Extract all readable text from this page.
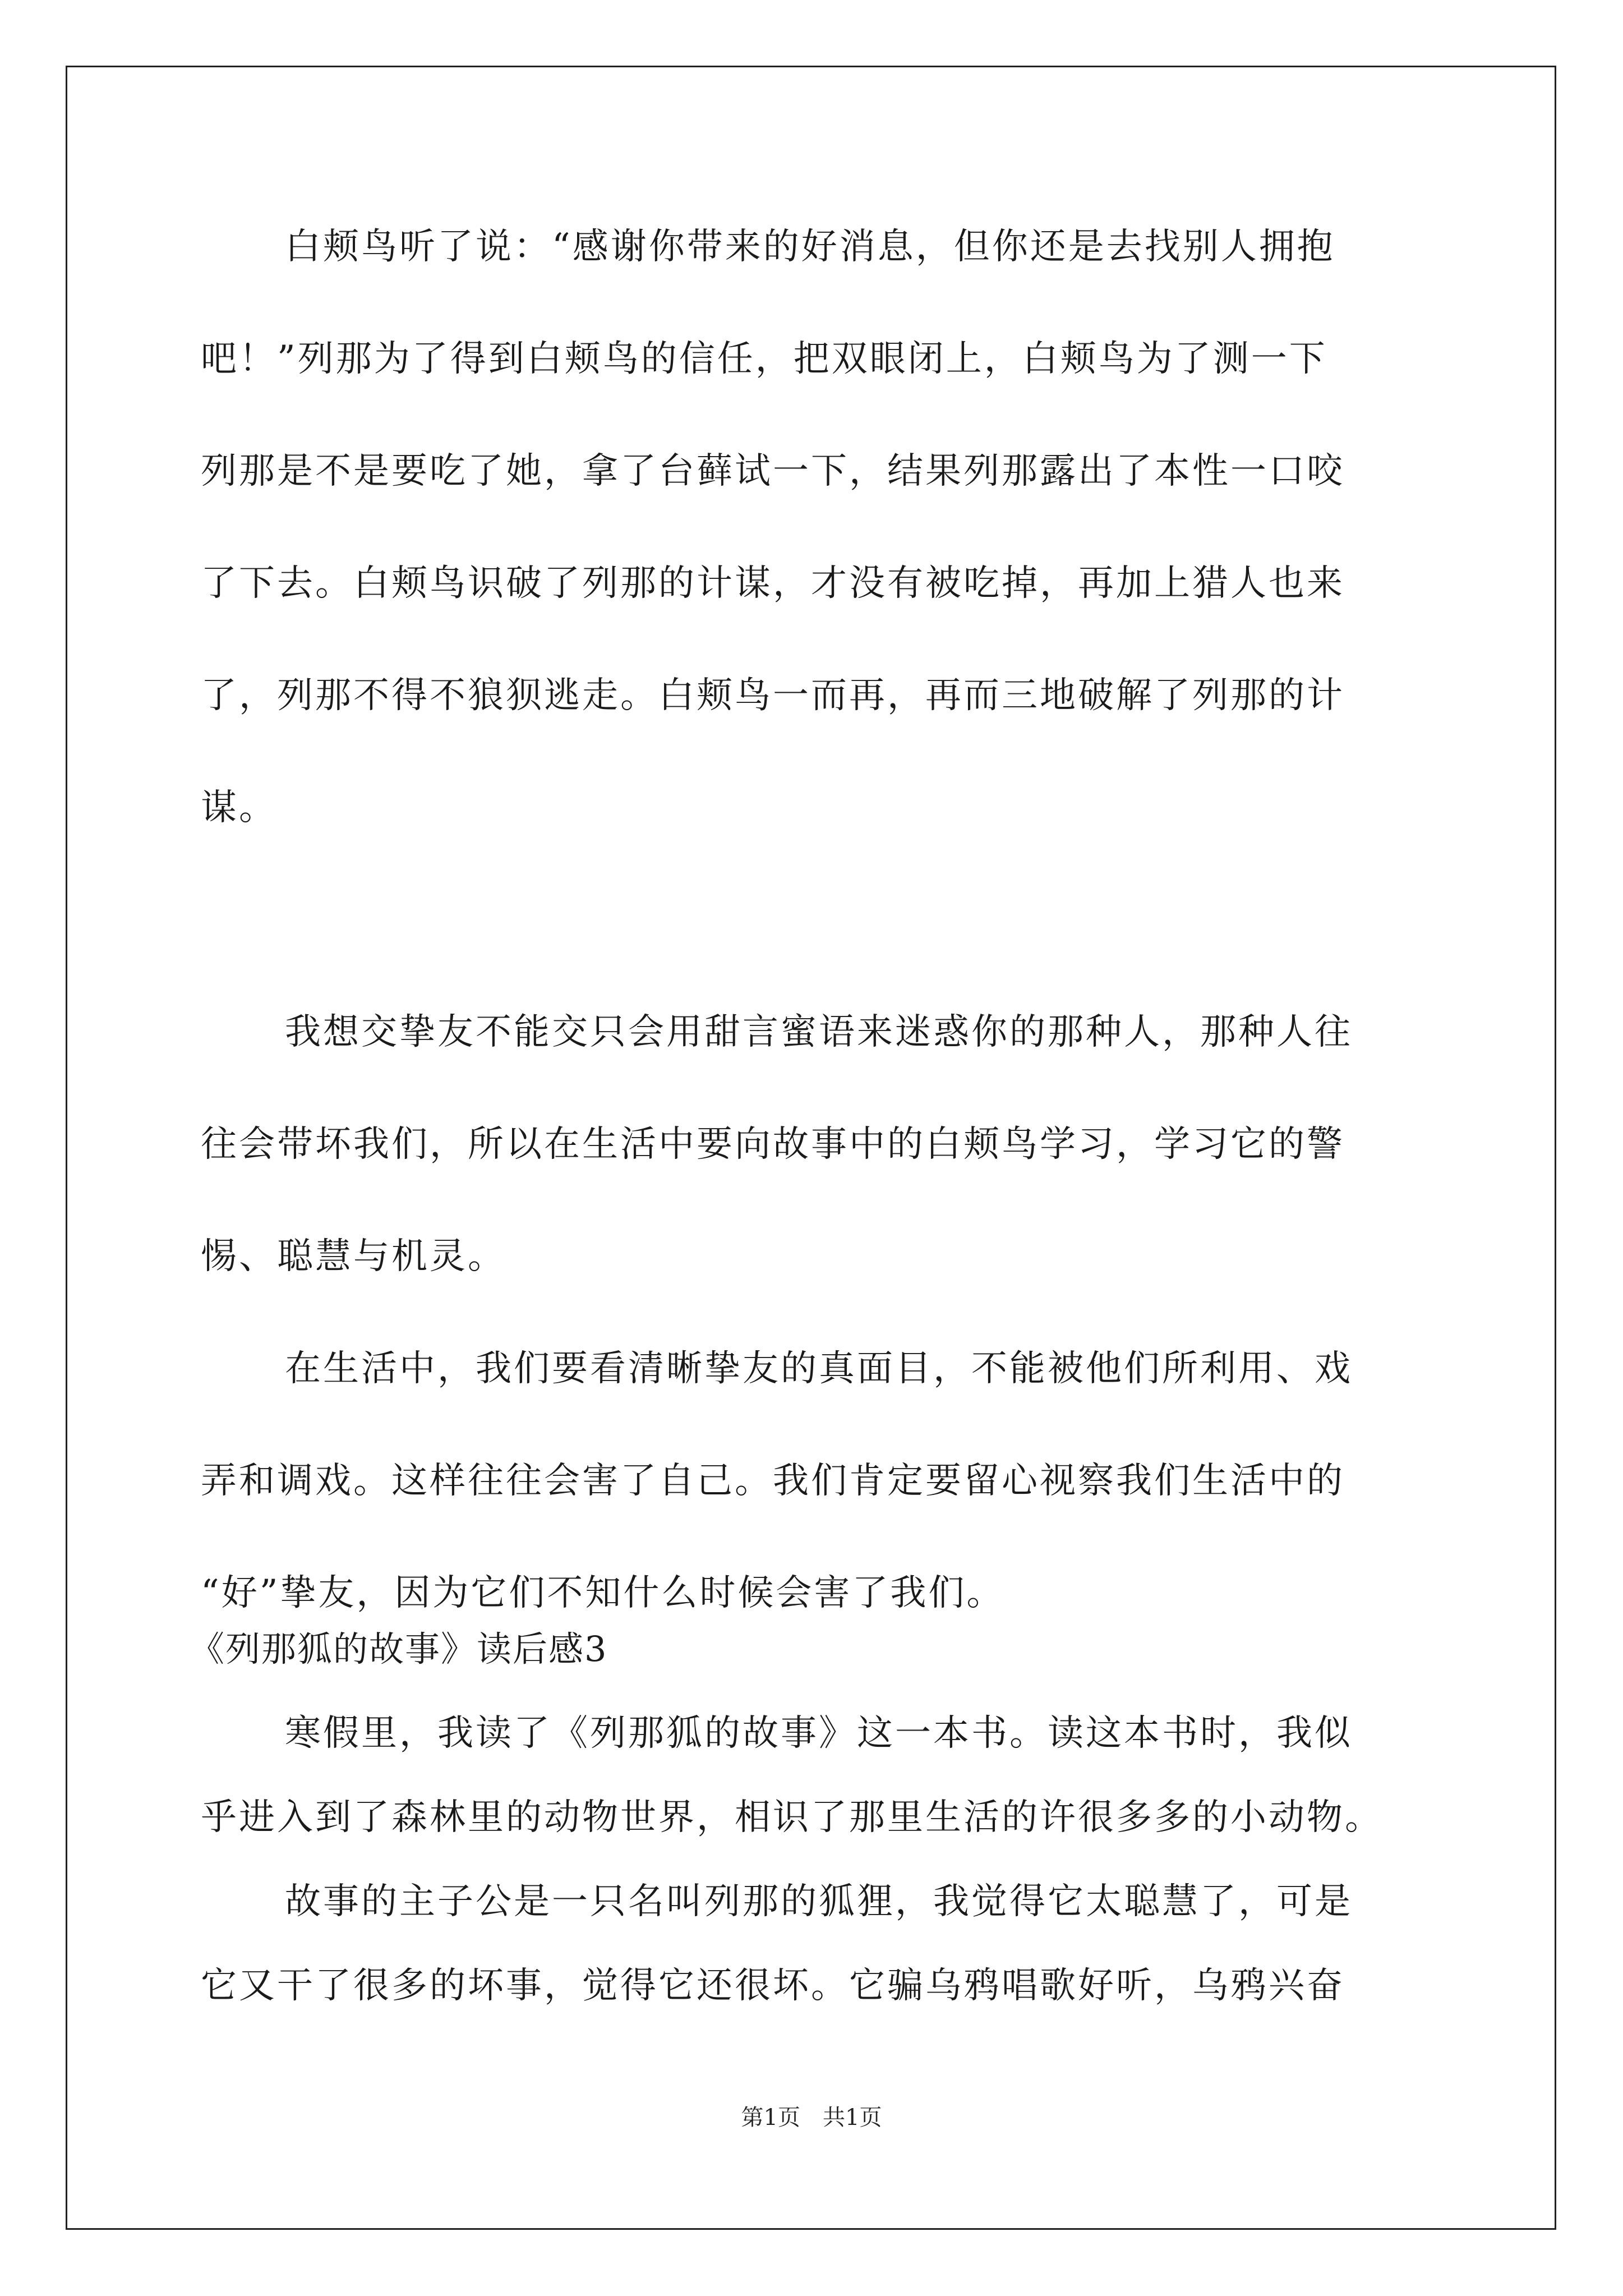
白颊鸟听了说：“感谢你带来的好消息，但你还是去找别人拥抱
吧！”列那为了得到白颊鸟的信任，把双眼闭上，白颊鸟为了测一下
列那是不是要吃了她，拿了台藓试一下，结果列那露出了本性一口咬
了下去。白颊鸟识破了列那的计谋，才没有被吃掉，再加上猎人也来
了，列那不得不狼狈逃走。白颊鸟一而再，再而三地破解了列那的计
谋。
我想交挚友不能交只会用甜言蜜语来迷惑你的那种人，那种人往
往会带坏我们，所以在生活中要向故事中的白颊鸟学习，学习它的警
惕、聪慧与机灵。
在生活中，我们要看清晰挚友的真面目，不能被他们所利用、戏
弄和调戏。这样往往会害了自己。我们肯定要留心视察我们生活中的
“好”挚友，因为它们不知什么时候会害了我们。
《列那狐的故事》读后感3
寒假里，我读了《列那狐的故事》这一本书。读这本书时，我似
乎进入到了森林里的动物世界，相识了那里生活的许很多多的小动物。
故事的主子公是一只名叫列那的狐狸，我觉得它太聪慧了，可是
它又干了很多的坏事，觉得它还很坏。它骗乌鸦唱歌好听，乌鸦兴奋
第1页　共1页
